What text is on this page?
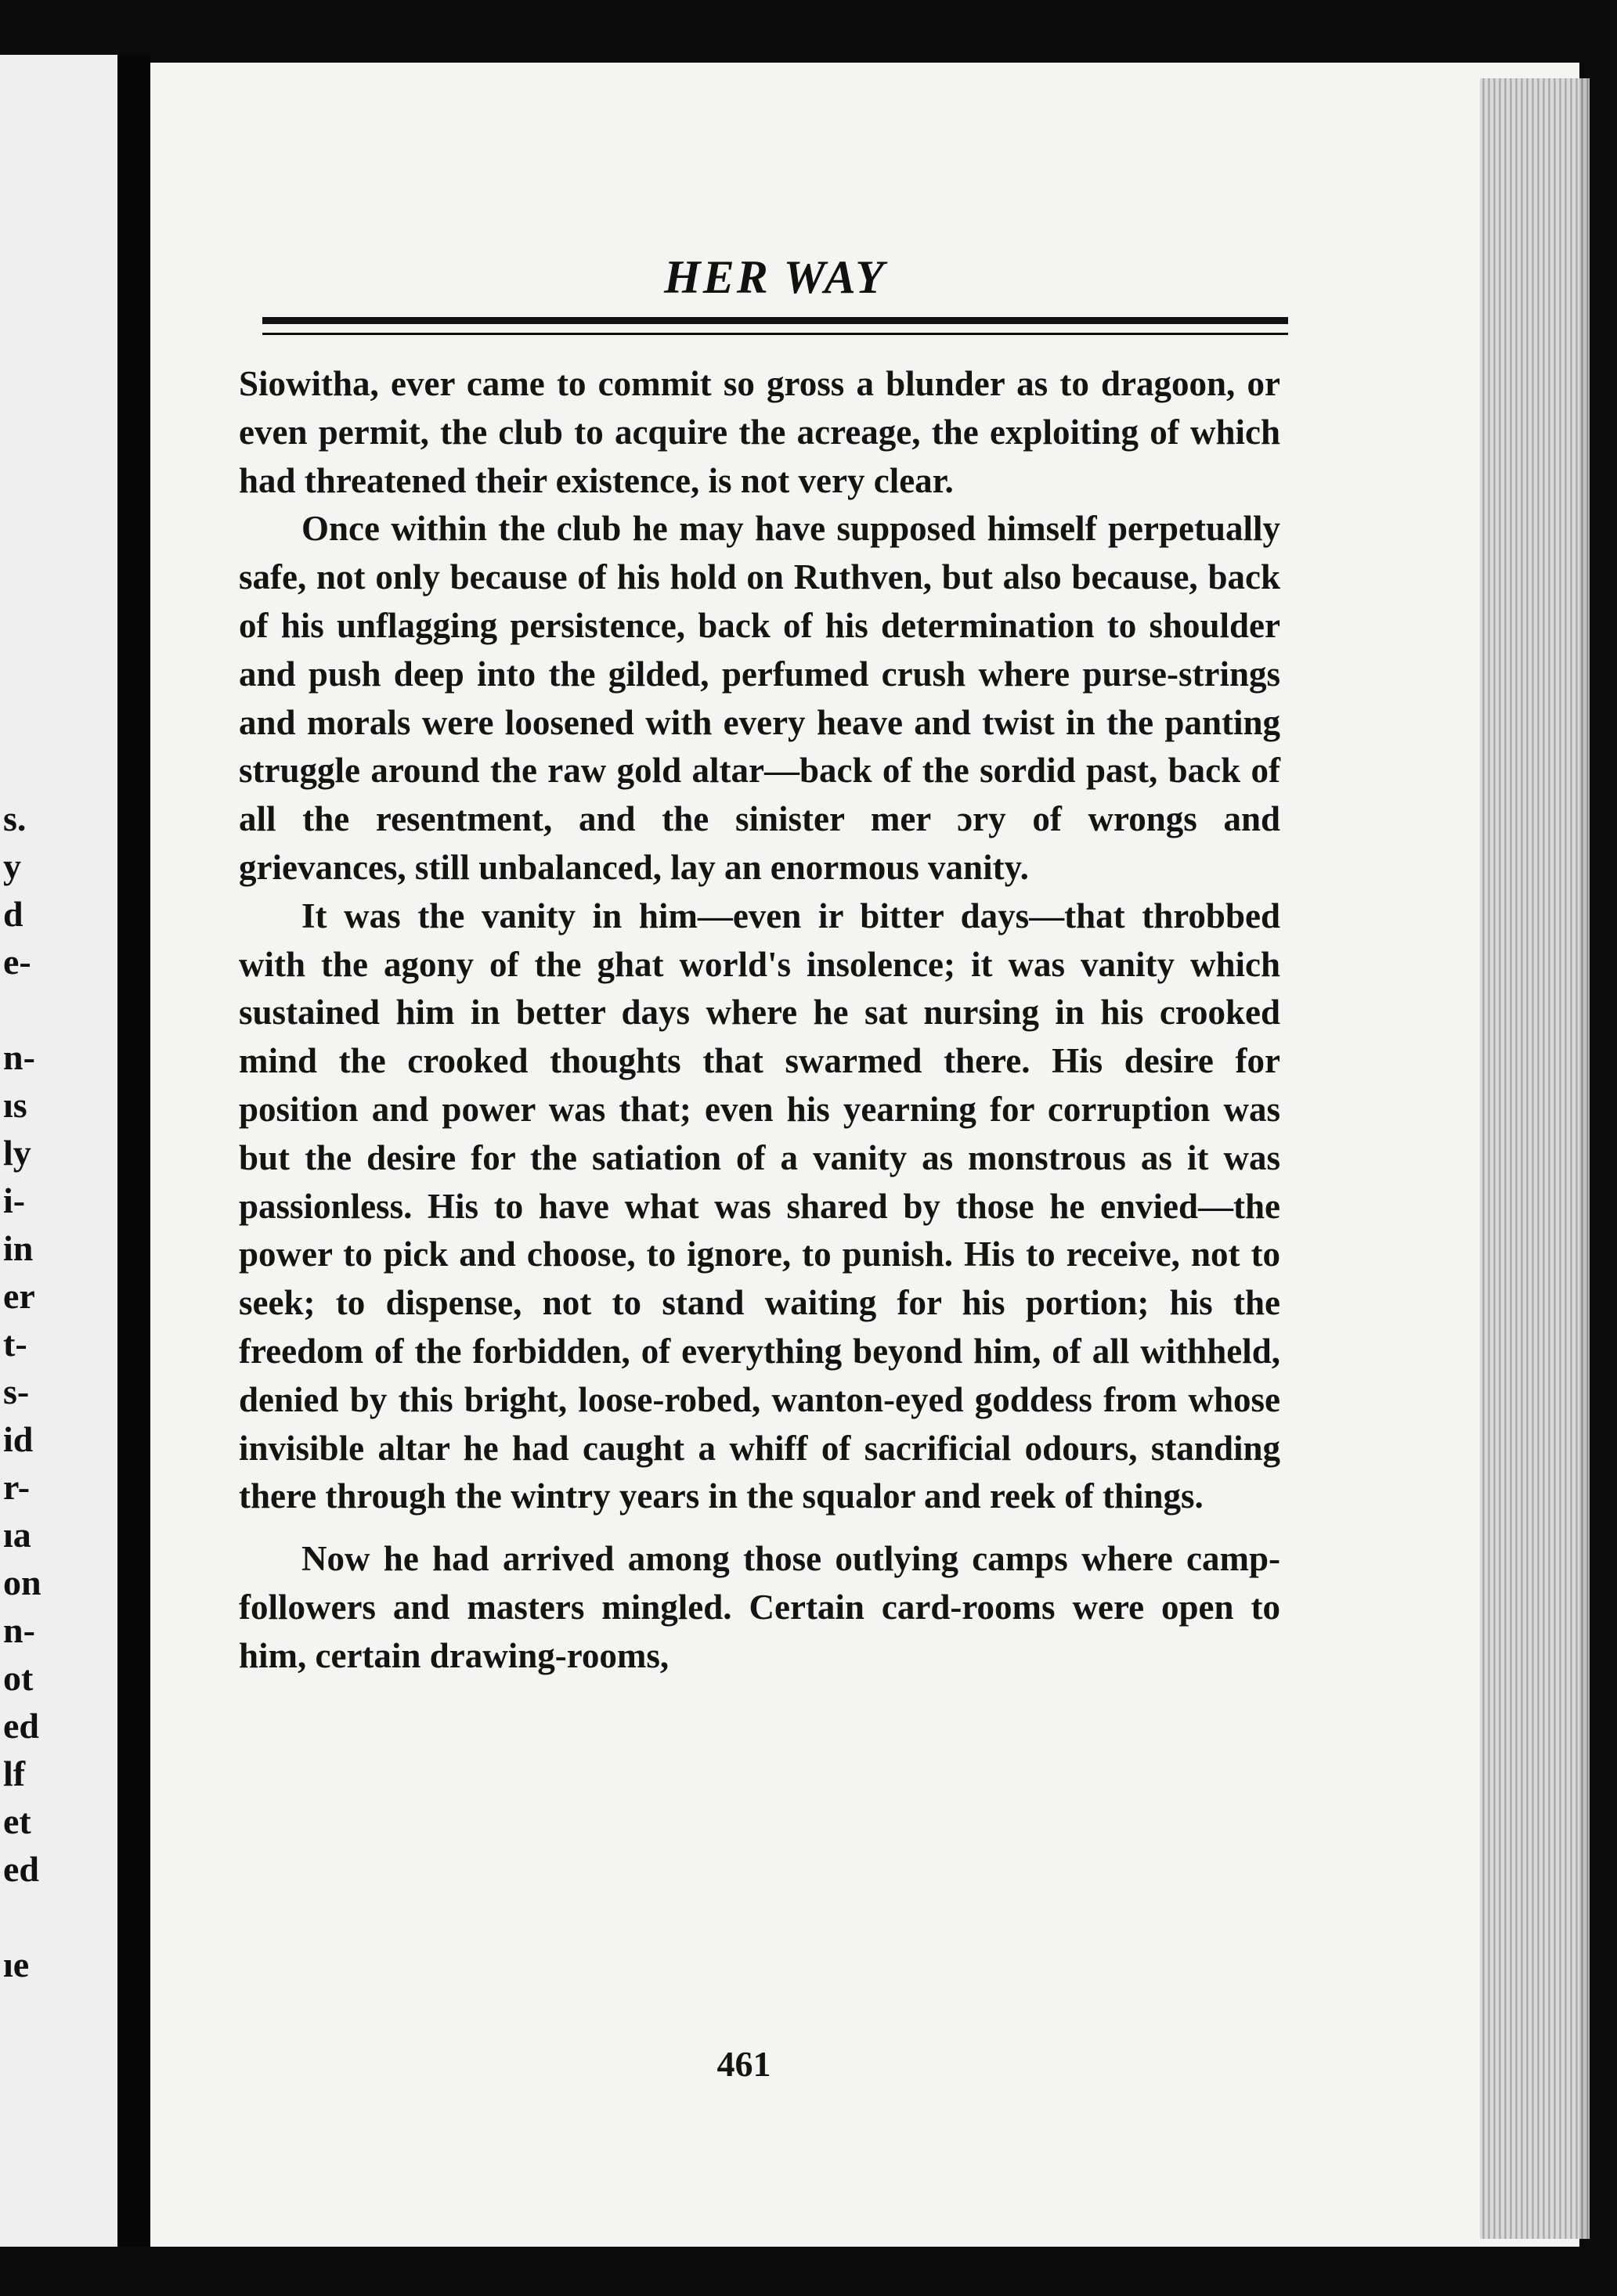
s.
y
d
e-
n-
ıs
ly
i-
in
er
t-
s-
id
r-
ıa
on
n-
ot
ed
lf
et
ed
ıe
HER WAY

Siowitha, ever came to commit so gross a blunder as to dragoon, or even permit, the club to acquire the acreage, the exploiting of which had threatened their existence, is not very clear.

Once within the club he may have supposed himself perpetually safe, not only because of his hold on Ruthven, but also because, back of his unflagging persistence, back of his determination to shoulder and push deep into the gilded, perfumed crush where purse-strings and morals were loosened with every heave and twist in the panting struggle around the raw gold altar—back of the sordid past, back of all the resentment, and the sinister mer ɔry of wrongs and grievances, still unbalanced, lay an enormous vanity.

It was the vanity in him—even ir bitter days—that throbbed with the agony of the ghat world's insolence; it was vanity which sustained him in better days where he sat nursing in his crooked mind the crooked thoughts that swarmed there. His desire for position and power was that; even his yearning for corruption was but the desire for the satiation of a vanity as monstrous as it was passionless. His to have what was shared by those he envied—the power to pick and choose, to ignore, to punish. His to receive, not to seek; to dispense, not to stand waiting for his portion; his the freedom of the forbidden, of everything beyond him, of all withheld, denied by this bright, loose-robed, wanton-eyed goddess from whose invisible altar he had caught a whiff of sacrificial odours, standing there through the wintry years in the squalor and reek of things.

Now he had arrived among those outlying camps where camp-followers and masters mingled. Certain card-rooms were open to him, certain drawing-rooms,

461
